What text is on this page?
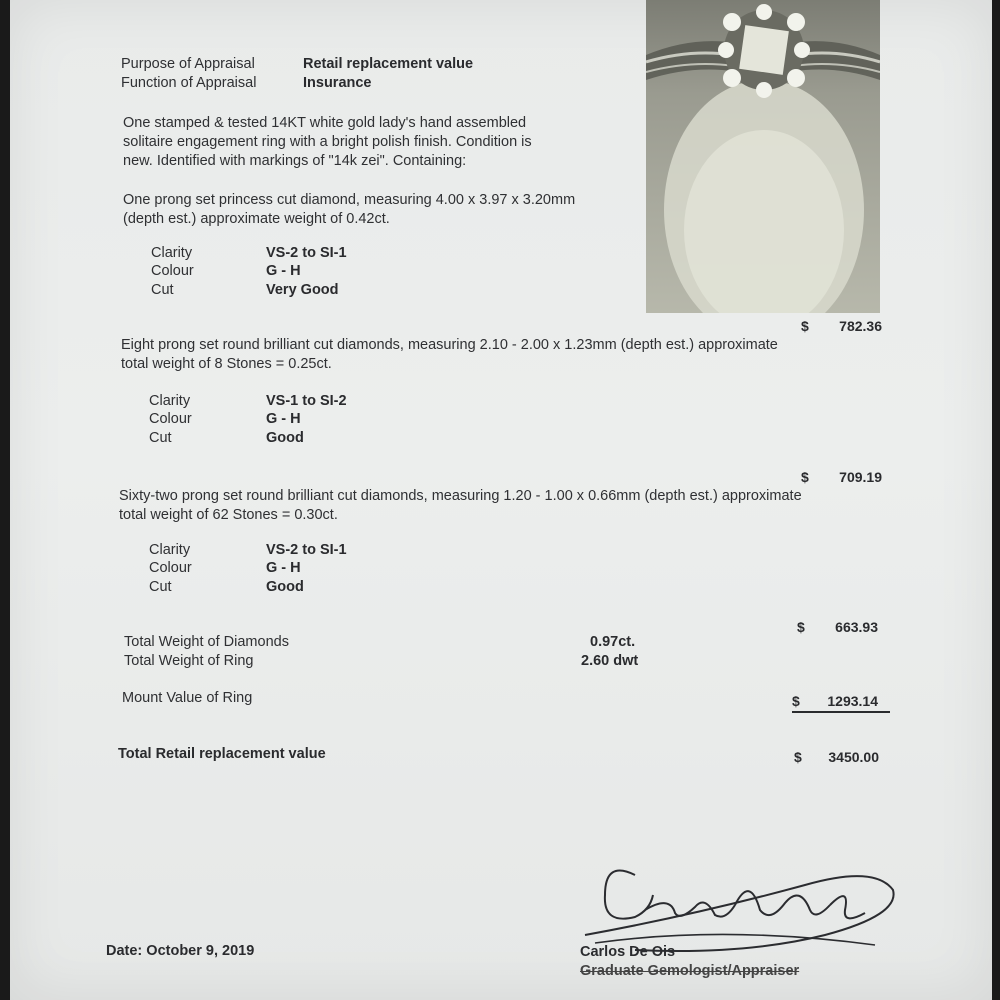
Purpose of Appraisal	Retail replacement value
Function of Appraisal	Insurance
One stamped & tested 14KT white gold lady's hand assembled
solitaire engagement ring with a bright polish finish. Condition is
new. Identified with markings of "14k zei". Containing:
One prong set princess cut diamond, measuring 4.00 x 3.97 x 3.20mm
(depth est.) approximate weight of 0.42ct.
Clarity	VS-2 to SI-1
Colour	G - H
Cut	Very Good
$	782.36
Eight prong set round brilliant cut diamonds, measuring 2.10 - 2.00 x 1.23mm (depth est.) approximate
total weight of 8 Stones = 0.25ct.
Clarity	VS-1 to SI-2
Colour	G - H
Cut	Good
$	709.19
Sixty-two prong set round brilliant cut diamonds, measuring 1.20 - 1.00 x 0.66mm (depth est.) approximate
total weight of 62 Stones = 0.30ct.
Clarity	VS-2 to SI-1
Colour	G - H
Cut	Good
$	663.93
Total Weight of Diamonds	0.97ct.
Total Weight of Ring	2.60 dwt
Mount Value of Ring	$	1293.14
Total Retail replacement value	$	3450.00
Date: October 9, 2019	Carlos De Ois
Graduate Gemologist/Appraiser
